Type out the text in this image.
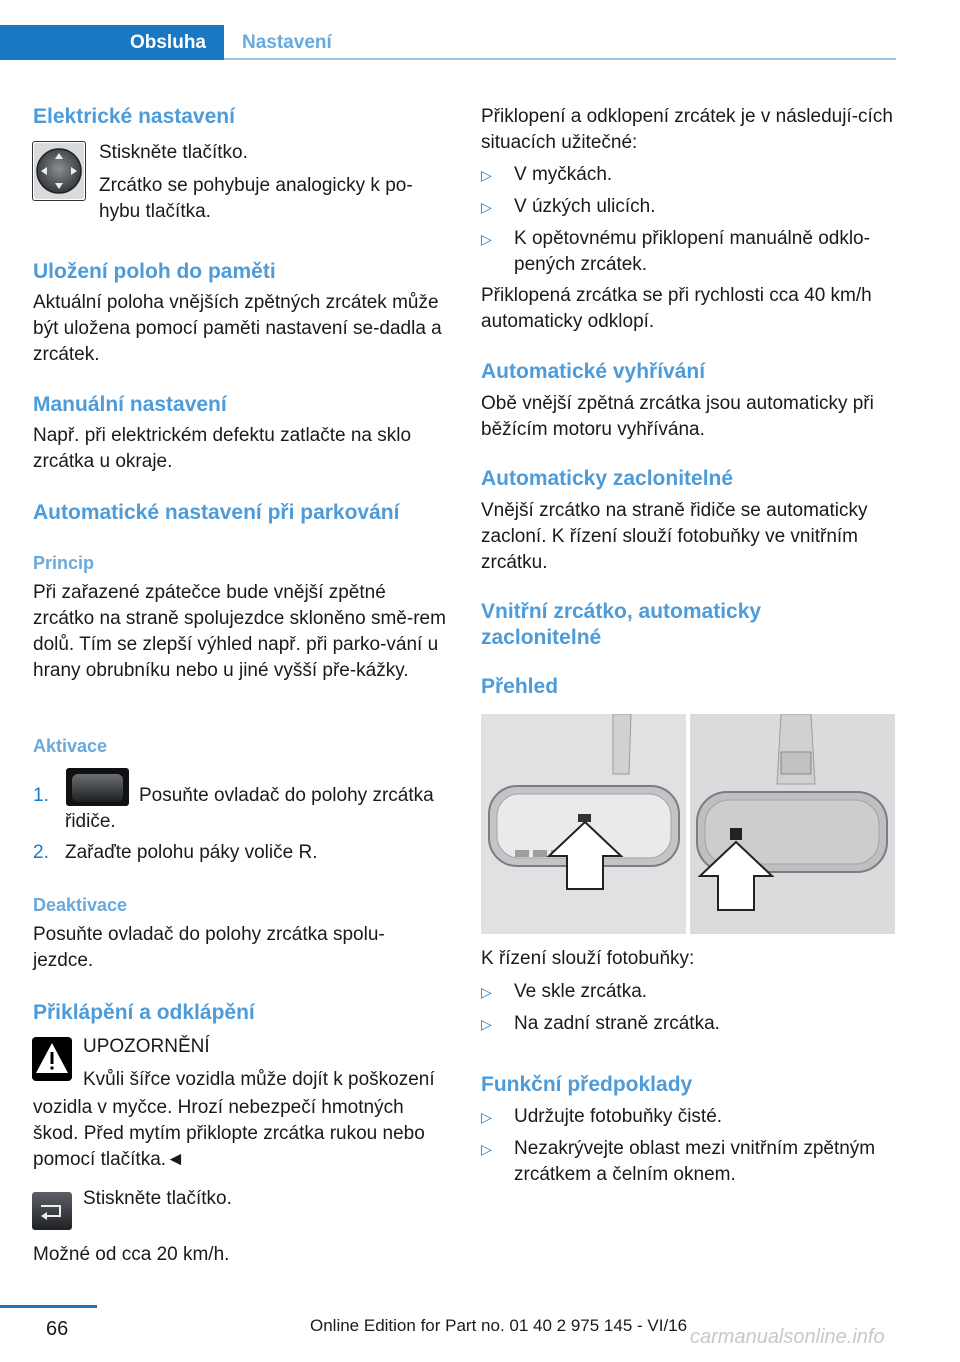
Obsluha	Nastavení
Elektrické nastavení

Stiskněte tlačítko.

Zrcátko se pohybuje analogicky k po‐

hybu tlačítka.

Uložení poloh do paměti

Aktuální poloha vnějších zpětných zrcátek může být uložena pomocí paměti nastavení se‐dadla a zrcátek.

Manuální nastavení

Např. při elektrickém defektu zatlačte na sklo zrcátka u okraje.

Automatické nastavení při parkování
Princip

Při zařazené zpátečce bude vnější zpětné zrcátko na straně spolujezdce skloněno smě‐rem dolů. Tím se zlepší výhled např. při parko‐vání u hrany obrubníku nebo u jiné vyšší pře‐kážky.

Aktivace
1.	Posuňte ovladač do polohy zrcátka
řidiče.
2. Zařaďte polohu páky voliče R.
Deaktivace

Posuňte ovladač do polohy zrcátka spolu‐jezdce.

Přiklápění a odklápění
UPOZORNĚNÍ
Kvůli šířce vozidla může dojít k poškození

vozidla v myčce. Hrozí nebezpečí hmotných škod. Před mytím přiklopte zrcátka rukou nebo pomocí tlačítka.◄

Stiskněte tlačítko.
Možné od cca 20 km/h.

Přiklopení a odklopení zrcátek je v následují‐cích situacích užitečné:

▷ V myčkách.
▷ V úzkých ulicích.
▷ K opětovnému přiklopení manuálně odklo‐pených zrcátek.

Přiklopená zrcátka se při rychlosti cca 40 km/h automaticky odklopí.

Automatické vyhřívání

Obě vnější zpětná zrcátka jsou automaticky při běžícím motoru vyhřívána.

Automaticky zaclonitelné

Vnější zrcátko na straně řidiče se automaticky zacloní. K řízení slouží fotobuňky ve vnitřním zrcátku.

Vnitřní zrcátko, automaticky zaclonitelné
Přehled
K řízení slouží fotobuňky:
▷ Ve skle zrcátka.
▷ Na zadní straně zrcátka.
Funkční předpoklady
▷ Udržujte fotobuňky čisté.
▷ Nezakrývejte oblast mezi vnitřním zpětným zrcátkem a čelním oknem.
66	Online Edition for Part no. 01 40 2 975 145 - VI/16
carmanualsonline.info
